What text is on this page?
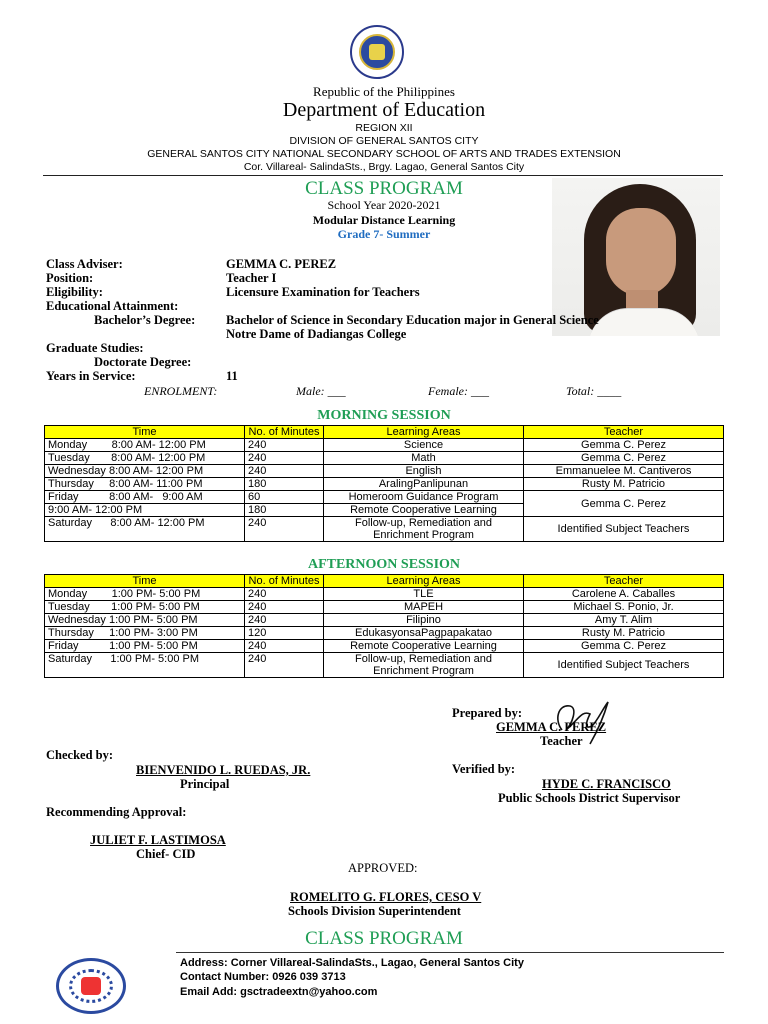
Republic of the Philippines
Department of Education
REGION XII
DIVISION OF GENERAL SANTOS CITY
GENERAL SANTOS CITY NATIONAL SECONDARY SCHOOL OF ARTS AND TRADES EXTENSION
Cor. Villareal- SalindaSts., Brgy. Lagao, General Santos City
CLASS PROGRAM
School Year 2020-2021
Modular Distance Learning
Grade 7- Summer
Class Adviser:	GEMMA C. PEREZ
Position:	Teacher I
Eligibility:	Licensure Examination for Teachers
Educational Attainment:
Bachelor’s Degree: Bachelor of Science in Secondary Education major in General Science
Notre Dame of Dadiangas College
Graduate Studies:
Doctorate Degree:
Years in Service:	11
ENROLMENT:	Male: ___	Female: ___	Total: ____
MORNING SESSION
Time	No. of Minutes	Learning Areas	Teacher
Monday        8:00 AM- 12:00 PM	240	Science	Gemma C. Perez
Tuesday       8:00 AM- 12:00 PM	240	Math	Gemma C. Perez
Wednesday 8:00 AM- 12:00 PM	240	English	Emmanuelee M. Cantiveros
Thursday     8:00 AM- 11:00 PM	180	AralingPanlipunan	Rusty M. Patricio
Friday          8:00 AM-   9:00 AM	60	Homeroom Guidance Program	Gemma C. Perez
9:00 AM- 12:00 PM	180	Remote Cooperative Learning	
Saturday      8:00 AM- 12:00 PM	240	Follow-up, Remediation and Enrichment Program	Identified Subject Teachers
AFTERNOON SESSION
Time	No. of Minutes	Learning Areas	Teacher
Monday        1:00 PM- 5:00 PM	240	TLE	Carolene A. Caballes
Tuesday       1:00 PM- 5:00 PM	240	MAPEH	Michael S. Ponio, Jr.
Wednesday 1:00 PM- 5:00 PM	240	Filipino	Amy T. Alim
Thursday     1:00 PM- 3:00 PM	120	EdukasyonsaPagpapakatao	Rusty M. Patricio
Friday          1:00 PM- 5:00 PM	240	Remote Cooperative Learning	Gemma C. Perez
Saturday      1:00 PM- 5:00 PM	240	Follow-up, Remediation and Enrichment Program	Identified Subject Teachers
Prepared by:
GEMMA C. PEREZ
Teacher
Checked by:
BIENVENIDO L. RUEDAS, JR.
Principal
Verified by:
HYDE C. FRANCISCO
Public Schools District Supervisor
Recommending Approval:
JULIET F. LASTIMOSA
Chief- CID
APPROVED:
ROMELITO G. FLORES, CESO V
Schools Division Superintendent
CLASS PROGRAM
Address: Corner Villareal-SalindaSts., Lagao, General Santos City
Contact Number: 0926 039 3713
Email Add: gsctradeextn@yahoo.com
